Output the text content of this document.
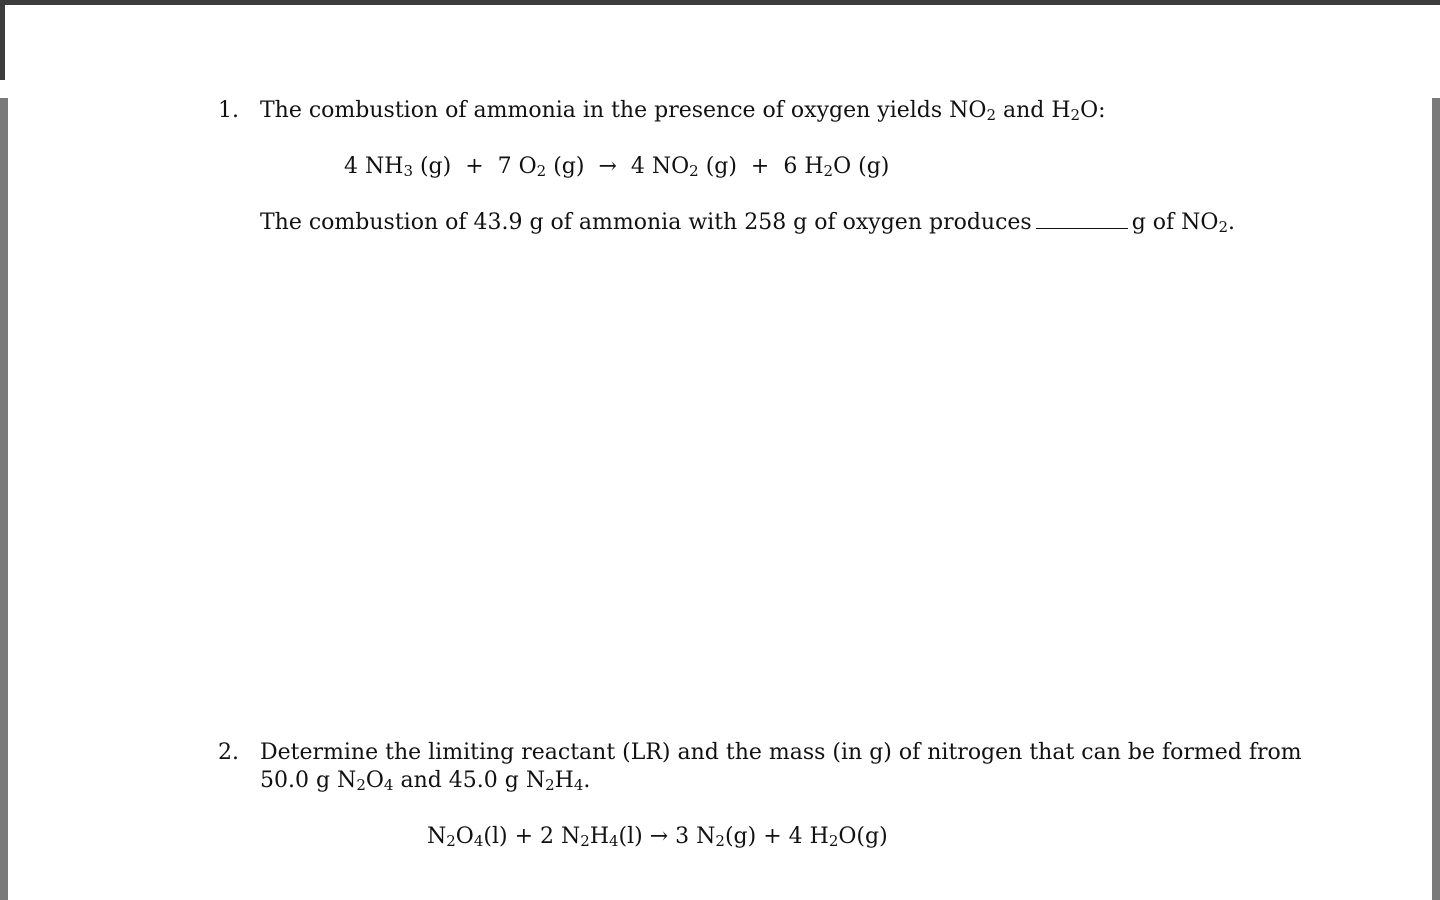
1. The combustion of ammonia in the presence of oxygen yields $NO_2$ and $H_2O$:
4 $NH_3$ (g)  +  7 $O_2$ (g)  →  4 $NO_2$ (g)  +  6 $H_2O$ (g)
The combustion of 43.9 g of ammonia with 258 g of oxygen produces	g of $NO_2$.
2. Determine the limiting reactant (LR) and the mass (in g) of nitrogen that can be formed from
50.0 g $N_2O_4$ and 45.0 g $N_2H_4$.
$N_2O_4(l) + 2$ $N_2H_4(l) \to 3$ $N_2(g) + 4$ $H_2O(g)$
